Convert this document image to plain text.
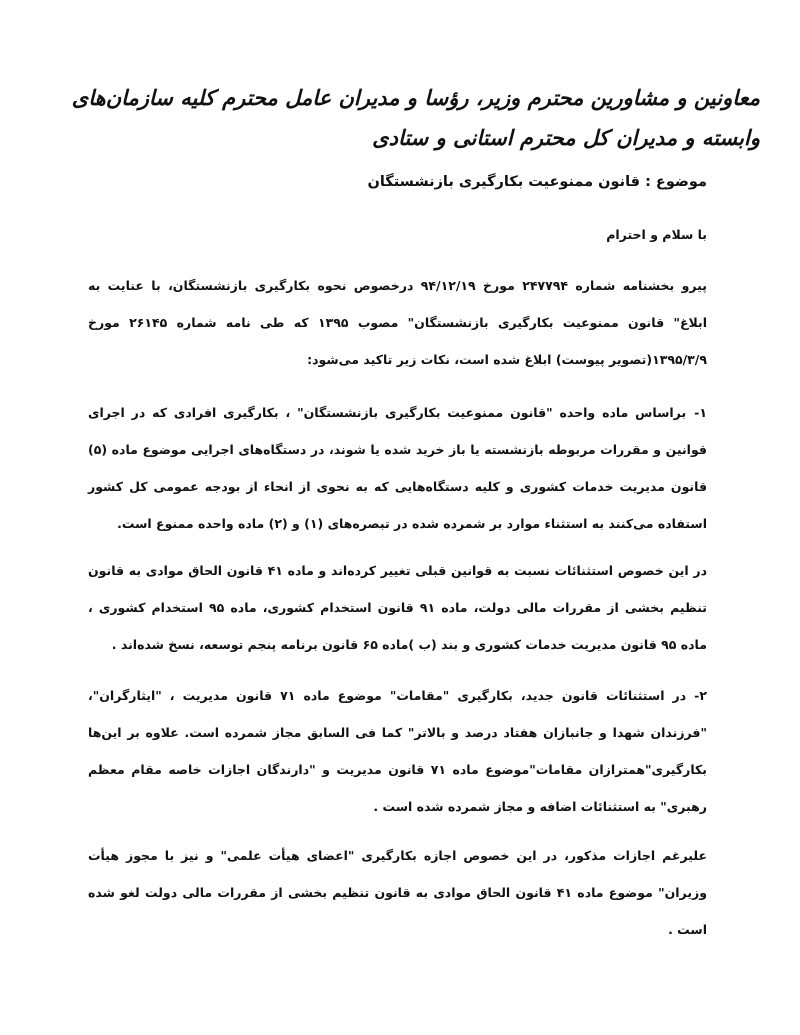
معاونین و مشاورین محترم وزیر، رؤسا و مدیران عامل محترم کلیه سازمان‌های وابسته و مدیران کل محترم استانی و ستادی
موضوع : قانون ممنوعیت بکارگیری بازنشستگان
با سلام و احترام
پیرو بخشنامه شماره ۲۴۷۷۹۴ مورخ ۹۴/۱۲/۱۹ درخصوص نحوه بکارگیری بازنشستگان، با عنایت به ابلاغ" قانون ممنوعیت بکارگیری بازنشستگان" مصوب ۱۳۹۵ که طی نامه شماره ۲۶۱۴۵ مورخ ۱۳۹۵/۳/۹(تصویر پیوست) ابلاغ شده است، نکات زیر تاکید می‌شود:
۱-براساس ماده واحده "قانون ممنوعیت بکارگیری بازنشستگان" ، بکارگیری افرادی که در اجرای قوانین و مقررات مربوطه بازنشسته یا باز خرید شده یا شوند، در دستگاه‌های اجرایی موضوع ماده (۵) قانون مدیریت خدمات کشوری و کلیه دستگاه‌هایی که به نحوی از انحاء از بودجه عمومی کل کشور استفاده می‌کنند به استثناء موارد بر شمرده شده در تبصره‌های (۱) و (۲) ماده واحده ممنوع است.
در این خصوص استثنائات نسبت به قوانین قبلی تغییر کرده‌اند و ماده ۴۱ قانون الحاق موادی به قانون تنظیم بخشی از مقررات مالی دولت، ماده ۹۱ قانون استخدام کشوری، ماده ۹۵ استخدام کشوری ، ماده ۹۵ قانون مدیریت خدمات کشوری و بند (ب )ماده ۶۵ قانون برنامه پنجم توسعه، نسخ شده‌اند .
۲-در استثنائات قانون جدید، بکارگیری "مقامات" موضوع ماده ۷۱ قانون مدیریت ، "ایثارگران"، "فرزندان شهدا و جانبازان هفتاد درصد و بالاتر" کما فی السابق مجاز شمرده است. علاوه بر این‌ها بکارگیری"همترازان مقامات"موضوع ماده ۷۱ قانون مدیریت و "دارندگان اجازات خاصه مقام معظم رهبری" به استثنائات اضافه و مجاز شمرده شده است .
علیرغم اجازات مذکور، در این خصوص اجازه بکارگیری "اعضای هیأت علمی" و نیز با مجوز هیأت وزیران" موضوع ماده ۴۱ قانون الحاق موادی به قانون تنظیم بخشی از مقررات مالی دولت لغو شده است .
